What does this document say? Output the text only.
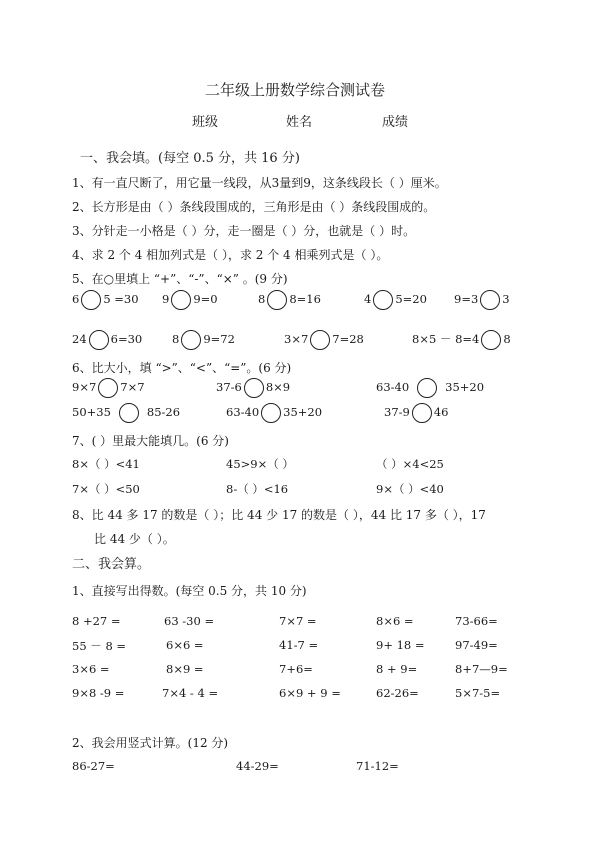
二年级上册数学综合测试卷
班级	姓名	成绩
一、我会填。(每空 0.5 分，共 16 分)
1、有一直尺断了，用它量一线段，从3量到9，这条线段长（ ）厘米。
2、长方形是由（ ）条线段围成的，三角形是由（ ）条线段围成的。
3、分针走一小格是（ ）分，走一圈是（ ）分，也就是（ ）时。
4、求 2 个 4 相加列式是（ ），求 2 个 4 相乘列式是（ ）。
5、在○里填上 “+”、“-”、“×” 。(9 分)
6 5 =30 9 9=0	8 8=16	4 5=20 9=3 3
24 6=30	8 9=72	3×7 7=28	8×5 － 8=4 8
6、比大小，填 “>”、“<”、“=”。(6 分)
9×7 7×7	37-6 8×9	63-40	35+20
50+35	85-26	63-40 35+20	37-9 46
7、( ）里最大能填几。(6 分)
8×（ ）<41	45>9×（ ）	（ ）×4<25
7×（ ）<50	8-（ ）<16	9×（ ）<40
8、比 44 多 17 的数是（ ）；比 44 少 17 的数是（ ），44 比 17 多（ ），17
比 44 少（ ）。
二、我会算。
1、直接写出得数。(每空 0.5 分，共 10 分)
8 +27 =	63 -30 =	7×7 =	8×6 =	73-66=
55 － 8 =	6×6 =	41-7 =	9+ 18 =	97-49=
3×6 =	8×9 =	7+6=	8 + 9=	8+7—9=
9×8 -9 =	7×4 - 4 =	6×9 + 9 =	62-26=	5×7-5=
2、我会用竖式计算。(12 分)
86-27=	44-29=	71-12=
